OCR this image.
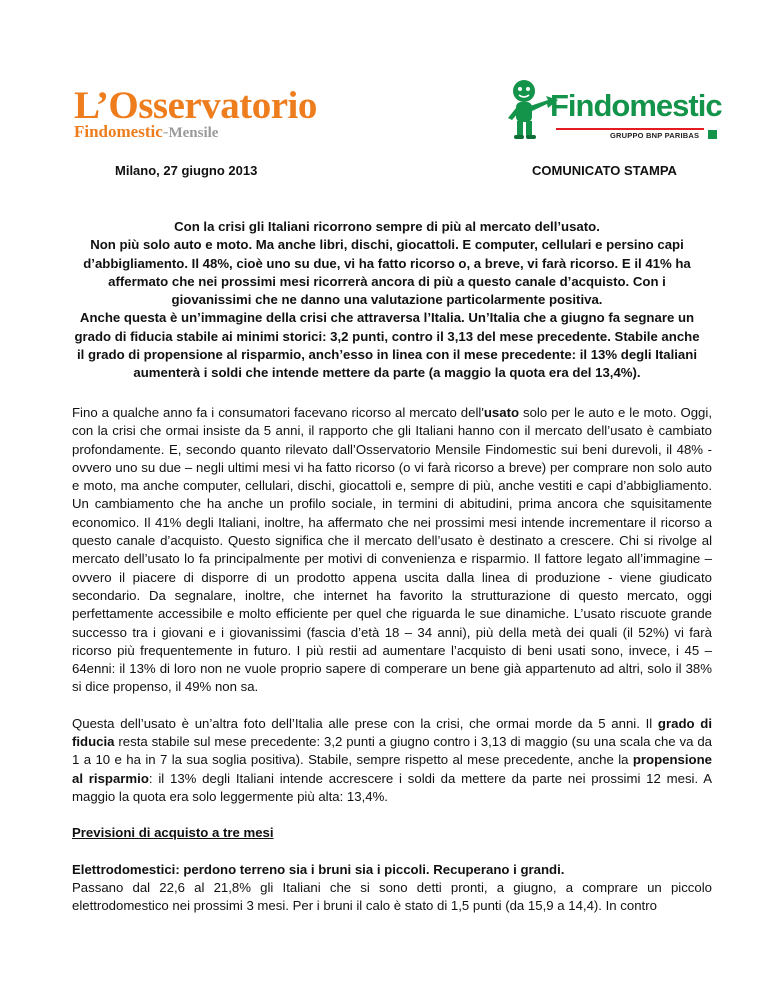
L’Osservatorio
Findomestic-Mensile
Findomestic
GRUPPO BNP PARIBAS
Milano, 27 giugno 2013	COMUNICATO STAMPA

Con la crisi gli Italiani ricorrono sempre di più al mercato dell’usato.

Non più solo auto e moto. Ma anche libri, dischi, giocattoli. E computer, cellulari e persino capi d’abbigliamento. Il 48%, cioè uno su due, vi ha fatto ricorso o, a breve, vi farà ricorso. E il 41% ha affermato che nei prossimi mesi ricorrerà ancora di più a questo canale d’acquisto. Con i giovanissimi che ne danno una valutazione particolarmente positiva.

Anche questa è un’immagine della crisi che attraversa l’Italia. Un’Italia che a giugno fa segnare un grado di fiducia stabile ai minimi storici: 3,2 punti, contro il 3,13 del mese precedente. Stabile anche il grado di propensione al risparmio, anch’esso in linea con il mese precedente: il 13% degli Italiani aumenterà i soldi che intende mettere da parte (a maggio la quota era del 13,4%).

Fino a qualche anno fa i consumatori facevano ricorso al mercato dell'usato solo per le auto e le moto. Oggi, con la crisi che ormai insiste da 5 anni, il rapporto che gli Italiani hanno con il mercato dell’usato è cambiato profondamente. E, secondo quanto rilevato dall’Osservatorio Mensile Findomestic sui beni durevoli, il 48% - ovvero uno su due – negli ultimi mesi vi ha fatto ricorso (o vi farà ricorso a breve) per comprare non solo auto e moto, ma anche computer, cellulari, dischi, giocattoli e, sempre di più, anche vestiti e capi d’abbigliamento. Un cambiamento che ha anche un profilo sociale, in termini di abitudini, prima ancora che squisitamente economico. Il 41% degli Italiani, inoltre, ha affermato che nei prossimi mesi intende incrementare il ricorso a questo canale d’acquisto. Questo significa che il mercato dell’usato è destinato a crescere. Chi si rivolge al mercato dell’usato lo fa principalmente per motivi di convenienza e risparmio. Il fattore legato all’immagine – ovvero il piacere di disporre di un prodotto appena uscita dalla linea di produzione - viene giudicato secondario. Da segnalare, inoltre, che internet ha favorito la strutturazione di questo mercato, oggi perfettamente accessibile e molto efficiente per quel che riguarda le sue dinamiche. L’usato riscuote grande successo tra i giovani e i giovanissimi (fascia d’età 18 – 34 anni), più della metà dei quali (il 52%) vi farà ricorso più frequentemente in futuro. I più restii ad aumentare l’acquisto di beni usati sono, invece, i 45 – 64enni: il 13% di loro non ne vuole proprio sapere di comperare un bene già appartenuto ad altri, solo il 38% si dice propenso, il 49% non sa.

Questa dell’usato è un’altra foto dell’Italia alle prese con la crisi, che ormai morde da 5 anni. Il grado di fiducia resta stabile sul mese precedente: 3,2 punti a giugno contro i 3,13 di maggio (su una scala che va da 1 a 10 e ha in 7 la sua soglia positiva). Stabile, sempre rispetto al mese precedente, anche la propensione al risparmio: il 13% degli Italiani intende accrescere i soldi da mettere da parte nei prossimi 12 mesi. A maggio la quota era solo leggermente più alta: 13,4%.

Previsioni di acquisto a tre mesi
Elettrodomestici: perdono terreno sia i bruni sia i piccoli. Recuperano i grandi.

Passano dal 22,6 al 21,8% gli Italiani che si sono detti pronti, a giugno, a comprare un piccolo elettrodomestico nei prossimi 3 mesi. Per i bruni il calo è stato di 1,5 punti (da 15,9 a 14,4). In contro
